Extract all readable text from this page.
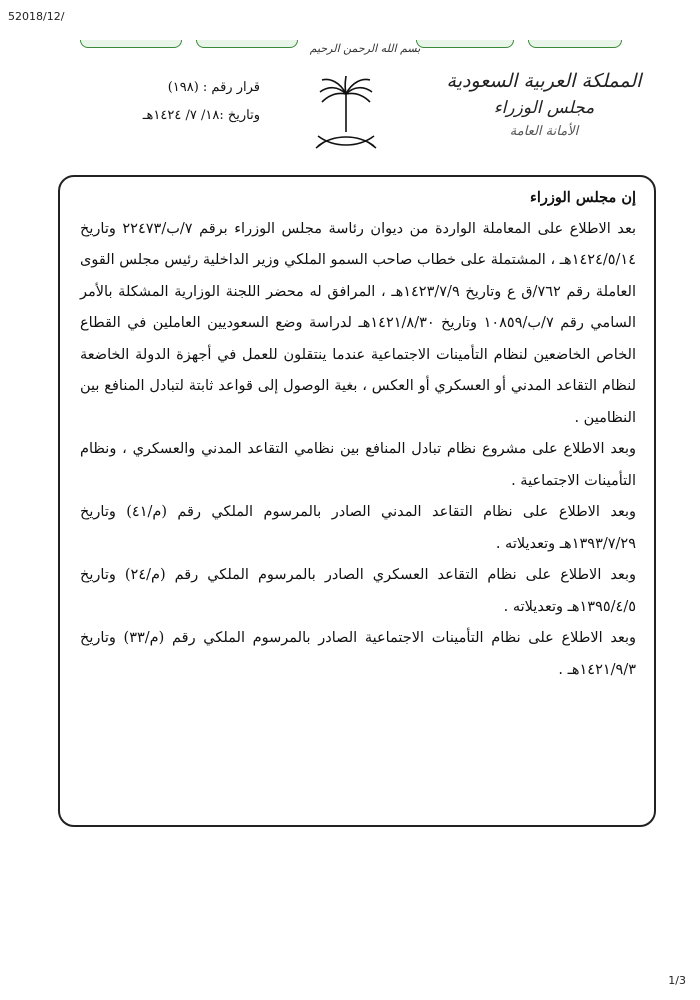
52018/12/
بسم الله الرحمن الرحيم
قرار رقم : (١٩٨)
وتاريخ :١٨/ ٧/ ١٤٢٤هـ
المملكة العربية السعودية
مجلس الوزراء
الأمانة العامة

إن مجلس الوزراء

بعد الاطلاع على المعاملة الواردة من ديوان رئاسة مجلس الوزراء برقم ٧/ب/٢٢٤٧٣ وتاريخ ١٤٢٤/٥/١٤هـ ، المشتملة على خطاب صاحب السمو الملكي وزير الداخلية رئيس مجلس القوى العاملة رقم ٧٦٢/ق ع وتاريخ ١٤٢٣/٧/٩هـ ، المرافق له محضر اللجنة الوزارية المشكلة بالأمر السامي رقم ٧/ب/١٠٨٥٩ وتاريخ ١٤٢١/٨/٣٠هـ لدراسة وضع السعوديين العاملين في القطاع الخاص الخاضعين لنظام التأمينات الاجتماعية عندما ينتقلون للعمل في أجهزة الدولة الخاضعة لنظام التقاعد المدني أو العسكري أو العكس ، بغية الوصول إلى قواعد ثابتة لتبادل المنافع بين النظامين .

وبعد الاطلاع على مشروع نظام تبادل المنافع بين نظامي التقاعد المدني والعسكري ، ونظام التأمينات الاجتماعية .

وبعد الاطلاع على نظام التقاعد المدني الصادر بالمرسوم الملكي رقم (م/٤١) وتاريخ ١٣٩٣/٧/٢٩هـ وتعديلاته .

وبعد الاطلاع على نظام التقاعد العسكري الصادر بالمرسوم الملكي رقم (م/٢٤) وتاريخ ١٣٩٥/٤/٥هـ وتعديلاته .

وبعد الاطلاع على نظام التأمينات الاجتماعية الصادر بالمرسوم الملكي رقم (م/٣٣) وتاريخ ١٤٢١/٩/٣هـ .

1/3
